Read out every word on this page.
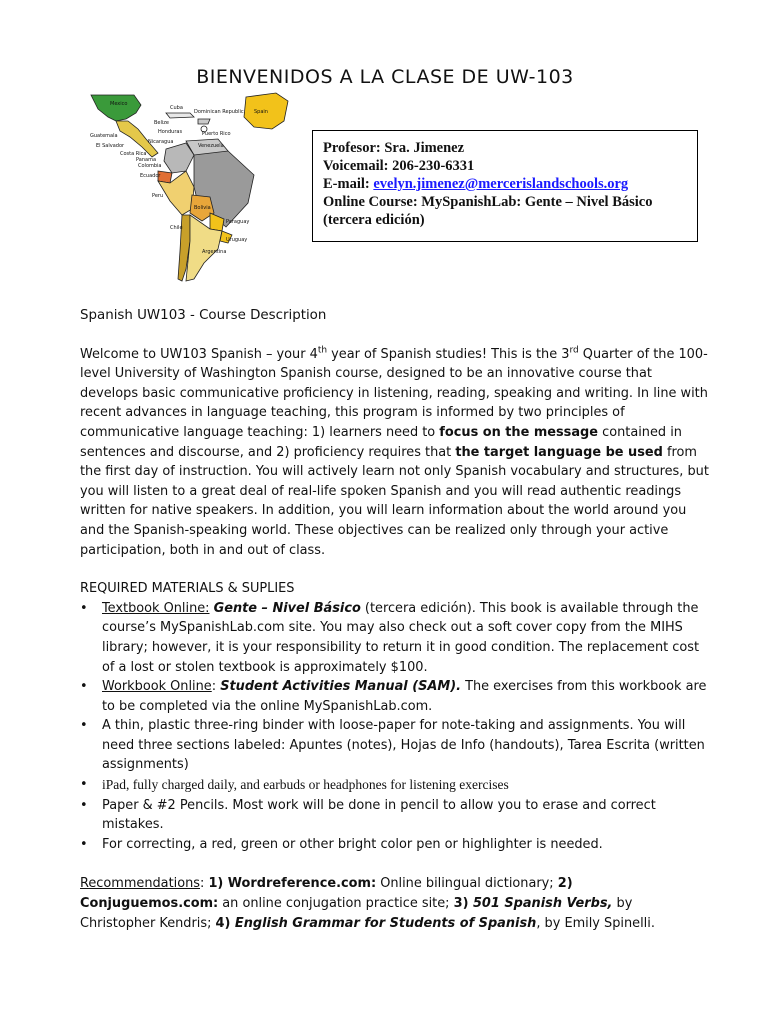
BIENVENIDOS A LA CLASE DE UW-103
Mexico
Cuba
Dominican Republic Spain
Belize
Honduras	Puerto Rico
Guatemala
Nicaragua
Venezuela
El Salvador
Costa Rica
Panama
Colombia
Ecuador
Peru
Bolivia
Paraguay
Chile
Uruguay
Argentina
Profesor: Sra. Jimenez
Voicemail: 206-230-6331
E-mail: evelyn.jimenez@mercerislandschools.org
Online Course: MySpanishLab: Gente – Nivel Básico
(tercera edición)
Spanish UW103 - Course Description

Welcome to UW103 Spanish – your 4th year of Spanish studies! This is the 3rd Quarter of the 100-level University of Washington Spanish course, designed to be an innovative course that develops basic communicative proficiency in listening, reading, speaking and writing. In line with recent advances in language teaching, this program is informed by two principles of communicative language teaching: 1) learners need to focus on the message contained in sentences and discourse, and 2) proficiency requires that the target language be used from the first day of instruction. You will actively learn not only Spanish vocabulary and structures, but you will listen to a great deal of real-life spoken Spanish and you will read authentic readings written for native speakers. In addition, you will learn information about the world around you and the Spanish-speaking world. These objectives can be realized only through your active participation, both in and out of class.

REQUIRED MATERIALS & SUPLIES
• Textbook Online: Gente – Nivel Básico (tercera edición). This book is available through the course’s MySpanishLab.com site. You may also check out a soft cover copy from the MIHS library; however, it is your responsibility to return it in good condition. The replacement cost of a lost or stolen textbook is approximately $100.
• Workbook Online: Student Activities Manual (SAM). The exercises from this workbook are to be completed via the online MySpanishLab.com.
• A thin, plastic three-ring binder with loose-paper for note-taking and assignments. You will need three sections labeled: Apuntes (notes), Hojas de Info (handouts), Tarea Escrita (written assignments)
• iPad, fully charged daily, and earbuds or headphones for listening exercises
• Paper & #2 Pencils. Most work will be done in pencil to allow you to erase and correct mistakes.
• For correcting, a red, green or other bright color pen or highlighter is needed.

Recommendations: 1) Wordreference.com: Online bilingual dictionary; 2) Conjuguemos.com: an online conjugation practice site; 3) 501 Spanish Verbs, by Christopher Kendris; 4) English Grammar for Students of Spanish, by Emily Spinelli.
